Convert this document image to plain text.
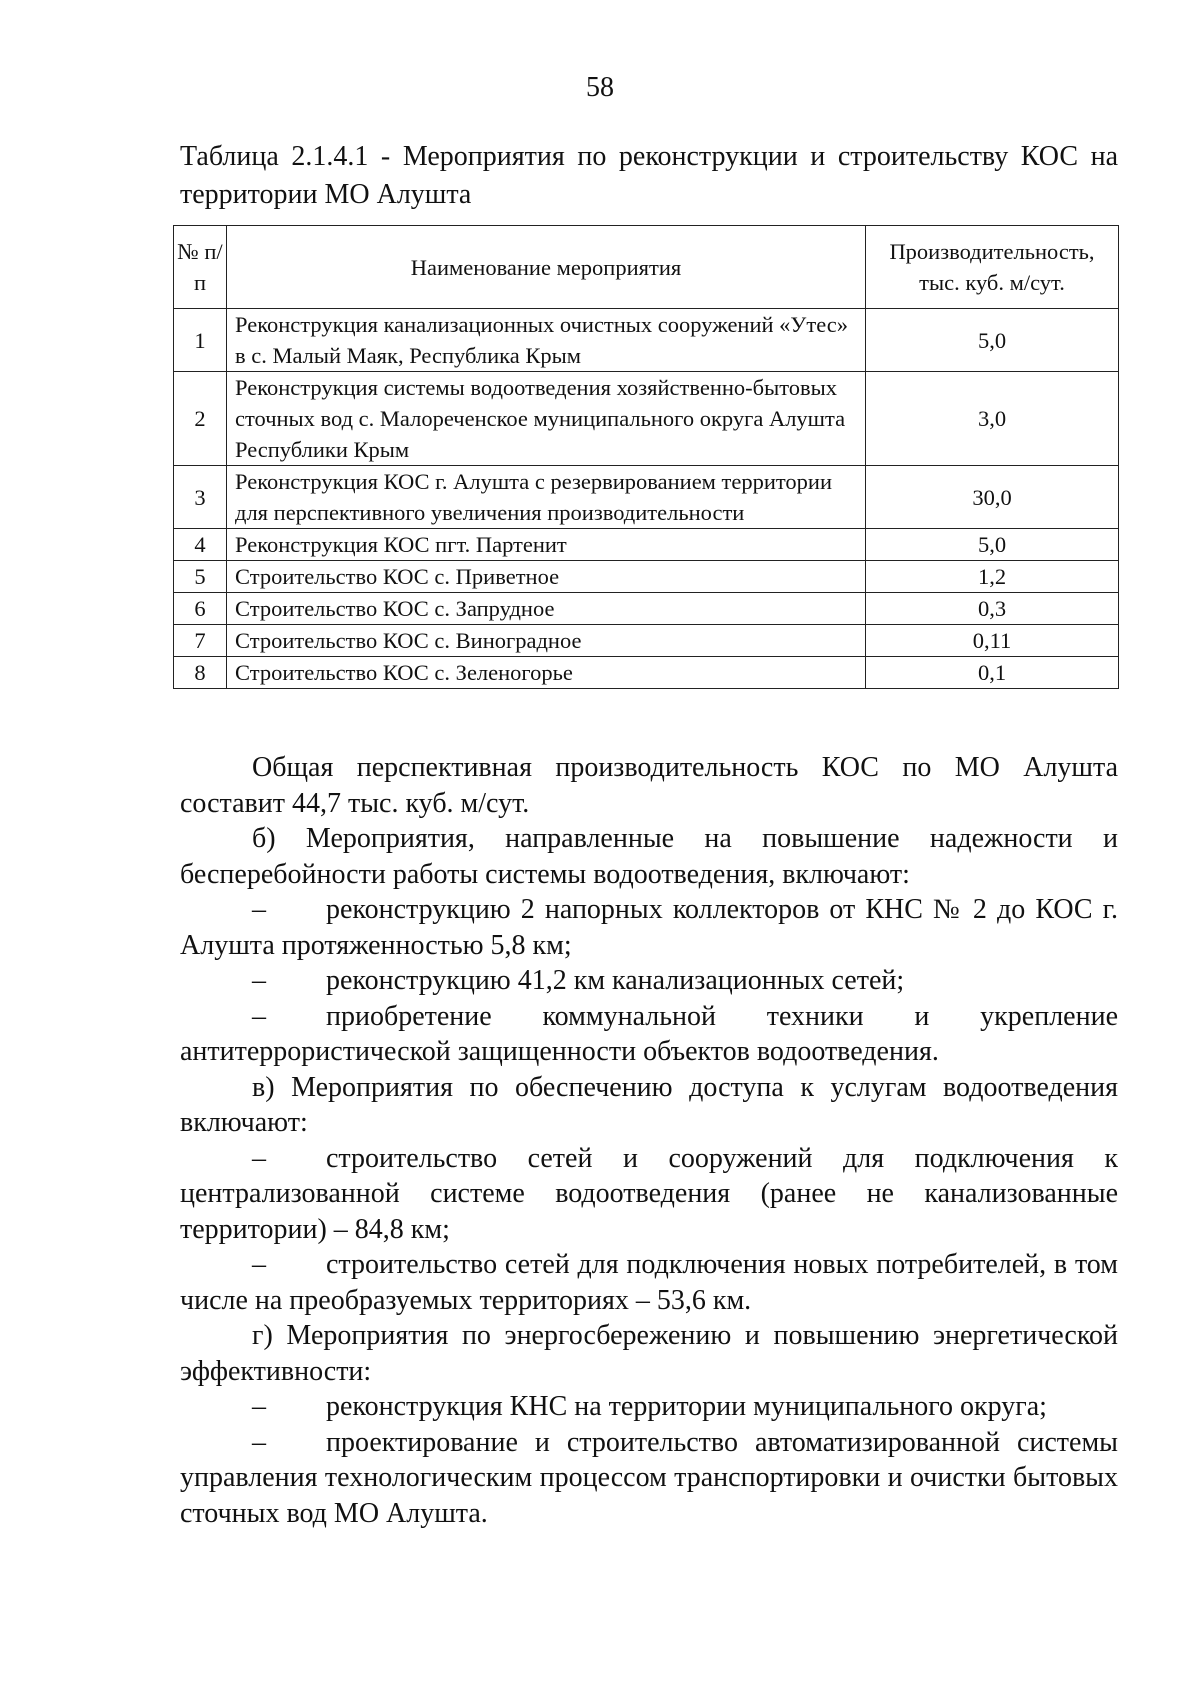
58
Таблица 2.1.4.1 - Мероприятия по реконструкции и строительству КОС на территории МО Алушта
№ п/п	Наименование мероприятия	Производительность, тыс. куб. м/сут.
1	Реконструкция канализационных очистных сооружений «Утес» в с. Малый Маяк, Республика Крым	5,0
2	Реконструкция системы водоотведения хозяйственно-бытовых сточных вод с. Малореченское муниципального округа Алушта Республики Крым	3,0
3	Реконструкция КОС г. Алушта с резервированием территории для перспективного увеличения производительности	30,0
4	Реконструкция КОС пгт. Партенит	5,0
5	Строительство КОС с. Приветное	1,2
6	Строительство КОС с. Запрудное	0,3
7	Строительство КОС с. Виноградное	0,11
8	Строительство КОС с. Зеленогорье	0,1

Общая перспективная производительность КОС по МО Алушта составит 44,7 тыс. куб. м/сут.

б) Мероприятия, направленные на повышение надежности и бесперебойности работы системы водоотведения, включают:

– реконструкцию 2 напорных коллекторов от КНС № 2 до КОС г. Алушта протяженностью 5,8 км;

– реконструкцию 41,2 км канализационных сетей;

– приобретение коммунальной техники и укрепление антитеррористической защищенности объектов водоотведения.

в) Мероприятия по обеспечению доступа к услугам водоотведения включают:

– строительство сетей и сооружений для подключения к централизованной системе водоотведения (ранее не канализованные территории) – 84,8 км;

– строительство сетей для подключения новых потребителей, в том числе на преобразуемых территориях – 53,6 км.

г) Мероприятия по энергосбережению и повышению энергетической эффективности:

– реконструкция КНС на территории муниципального округа;

– проектирование и строительство автоматизированной системы управления технологическим процессом транспортировки и очистки бытовых сточных вод МО Алушта.
